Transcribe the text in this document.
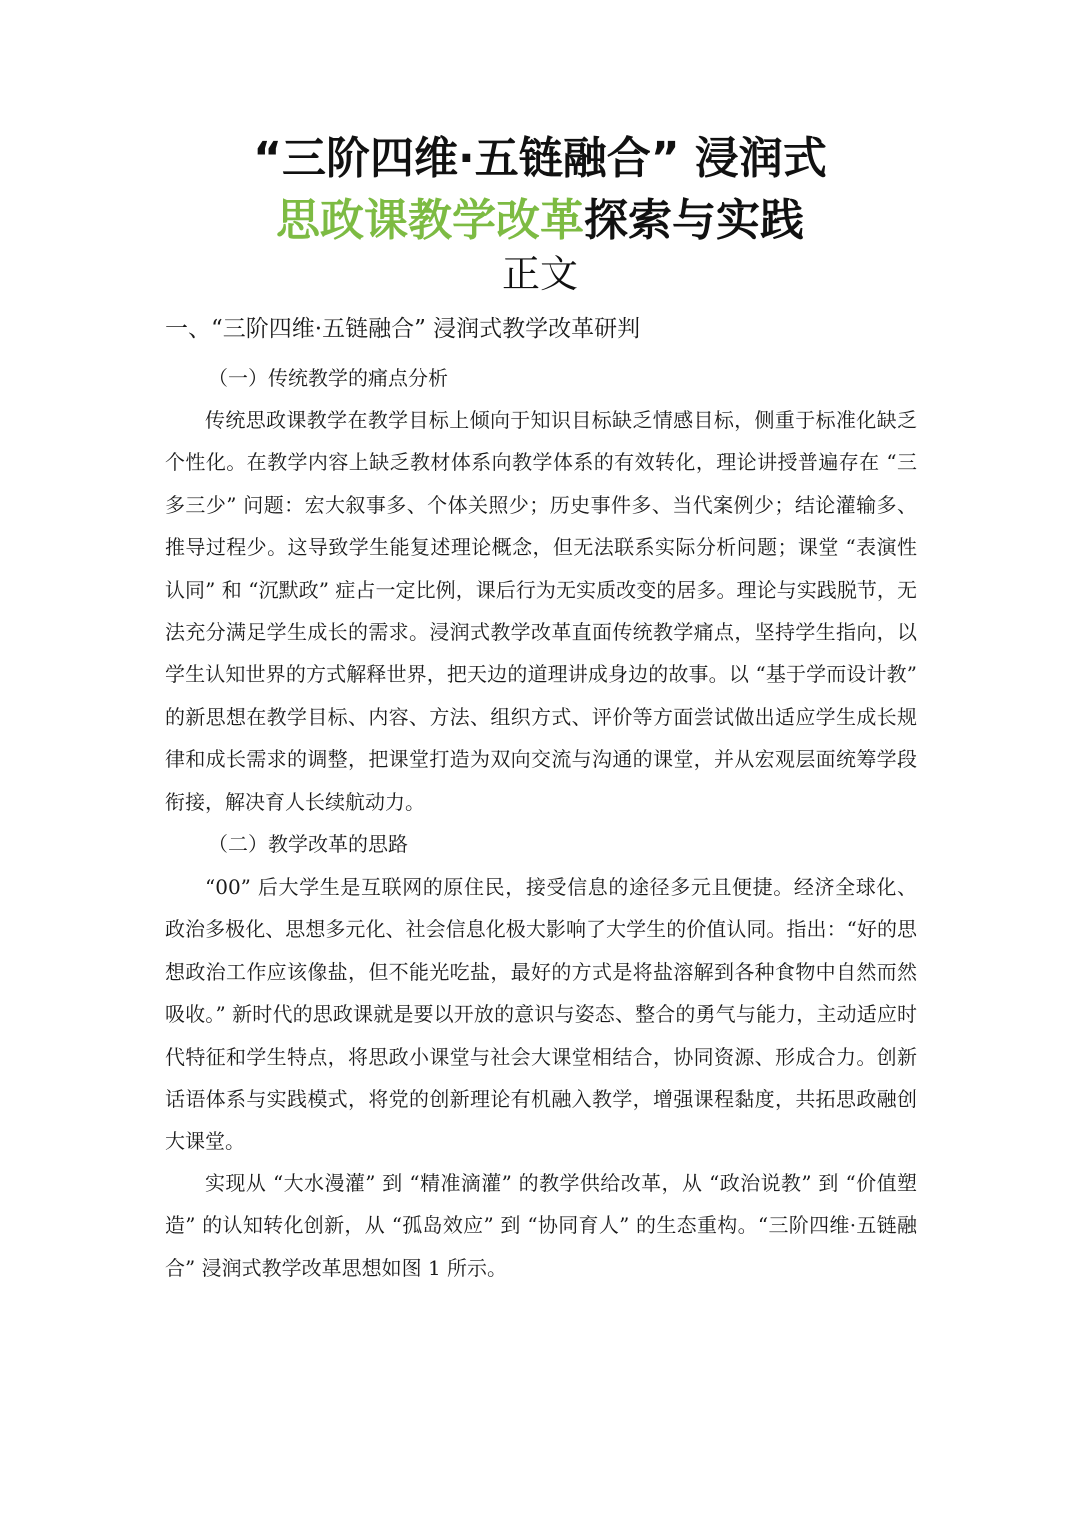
“三阶四维·五链融合” 浸润式
思政课教学改革探索与实践
正文
一、“三阶四维·五链融合” 浸润式教学改革研判
（一）传统教学的痛点分析

传统思政课教学在教学目标上倾向于知识目标缺乏情感目标，侧重于标准化缺乏个性化。在教学内容上缺乏教材体系向教学体系的有效转化，理论讲授普遍存在 “三多三少” 问题：宏大叙事多、个体关照少；历史事件多、当代案例少；结论灌输多、推导过程少。这导致学生能复述理论概念，但无法联系实际分析问题；课堂 “表演性认同” 和 “沉默政” 症占一定比例，课后行为无实质改变的居多。理论与实践脱节，无法充分满足学生成长的需求。浸润式教学改革直面传统教学痛点，坚持学生指向，以学生认知世界的方式解释世界，把天边的道理讲成身边的故事。以 “基于学而设计教” 的新思想在教学目标、内容、方法、组织方式、评价等方面尝试做出适应学生成长规律和成长需求的调整，把课堂打造为双向交流与沟通的课堂，并从宏观层面统筹学段衔接，解决育人长续航动力。

（二）教学改革的思路

“00” 后大学生是互联网的原住民，接受信息的途径多元且便捷。经济全球化、政治多极化、思想多元化、社会信息化极大影响了大学生的价值认同。指出：“好的思想政治工作应该像盐，但不能光吃盐，最好的方式是将盐溶解到各种食物中自然而然吸收。” 新时代的思政课就是要以开放的意识与姿态、整合的勇气与能力，主动适应时代特征和学生特点，将思政小课堂与社会大课堂相结合，协同资源、形成合力。创新话语体系与实践模式，将党的创新理论有机融入教学，增强课程黏度，共拓思政融创大课堂。

实现从 “大水漫灌” 到 “精准滴灌” 的教学供给改革，从 “政治说教” 到 “价值塑造” 的认知转化创新，从 “孤岛效应” 到 “协同育人” 的生态重构。“三阶四维·五链融合” 浸润式教学改革思想如图 1 所示。
